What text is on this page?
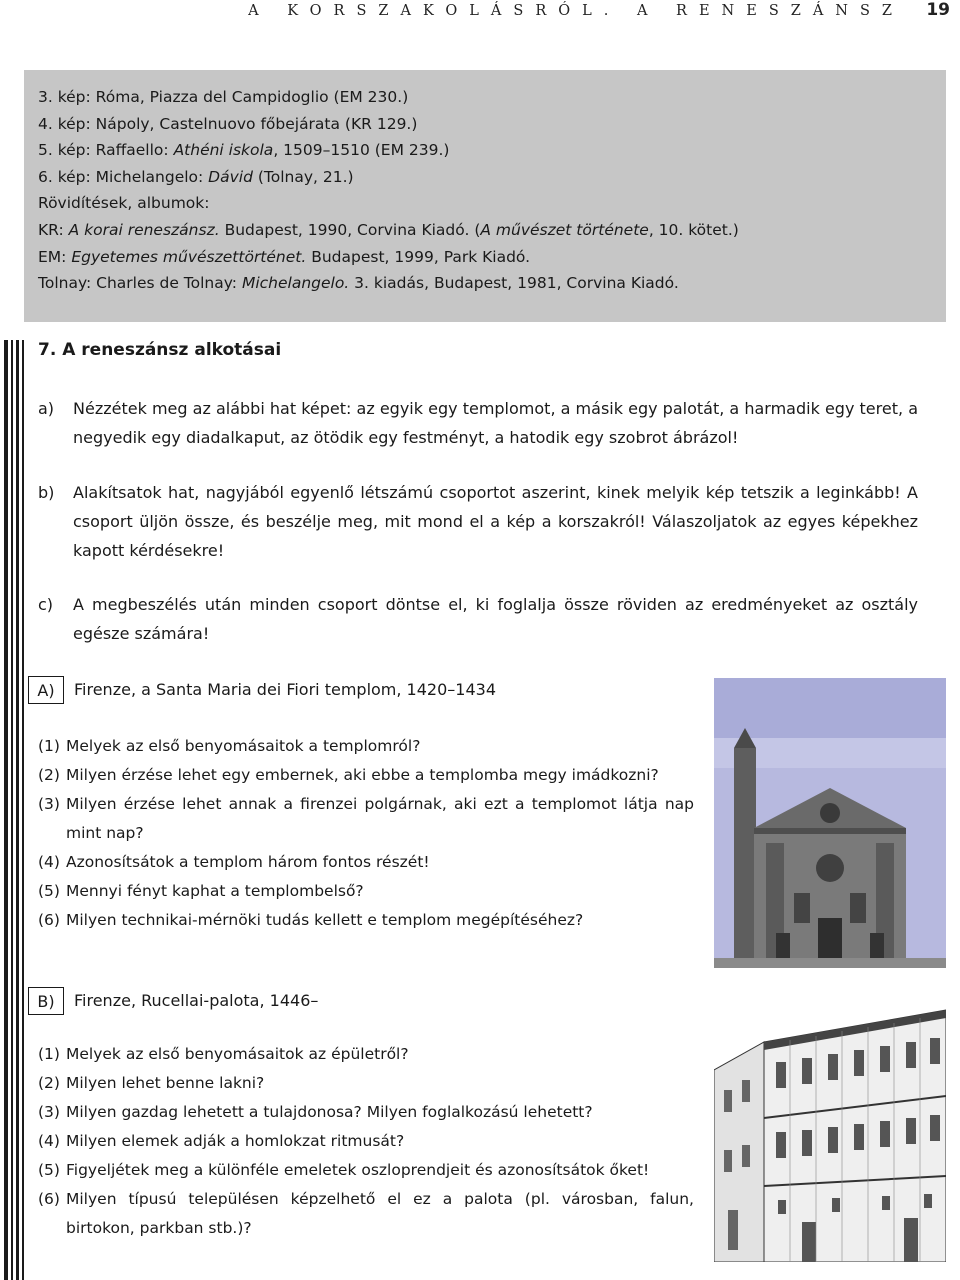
A KORSZAKOLÁSRÓL. A RENESZÁNSZ 19
3. kép: Róma, Piazza del Campidoglio (EM 230.)
4. kép: Nápoly, Castelnuovo főbejárata (KR 129.)
5. kép: Raffaello: Athéni iskola, 1509–1510 (EM 239.)
6. kép: Michelangelo: Dávid (Tolnay, 21.)
Rövidítések, albumok:
KR: A korai reneszánsz. Budapest, 1990, Corvina Kiadó. (A művészet története, 10. kötet.)
EM: Egyetemes művészettörténet. Budapest, 1999, Park Kiadó.
Tolnay: Charles de Tolnay: Michelangelo. 3. kiadás, Budapest, 1981, Corvina Kiadó.
7. A reneszánsz alkotásai
a) Nézzétek meg az alábbi hat képet: az egyik egy templomot, a másik egy palotát, a harmadik egy teret, a negyedik egy diadalkaput, az ötödik egy festményt, a hatodik egy szobrot ábrázol!
b) Alakítsatok hat, nagyjából egyenlő létszámú csoportot aszerint, kinek melyik kép tetszik a leginkább! A csoport üljön össze, és beszélje meg, mit mond el a kép a korszakról! Válaszoljatok az egyes képekhez kapott kérdésekre!
c) A megbeszélés után minden csoport döntse el, ki foglalja össze röviden az eredményeket az osztály egésze számára!
A)	Firenze, a Santa Maria dei Fiori templom, 1420–1434
(1) Melyek az első benyomásaitok a templomról?
(2) Milyen érzése lehet egy embernek, aki ebbe a templomba megy imádkozni?
(3) Milyen érzése lehet annak a firenzei polgárnak, aki ezt a templomot látja nap mint nap?
(4) Azonosítsátok a templom három fontos részét!
(5) Mennyi fényt kaphat a templombelső?
(6) Milyen technikai-mérnöki tudás kellett e templom megépítéséhez?
B)	Firenze, Rucellai-palota, 1446–
(1) Melyek az első benyomásaitok az épületről?
(2) Milyen lehet benne lakni?
(3) Milyen gazdag lehetett a tulajdonosa? Milyen foglalkozású lehetett?
(4) Milyen elemek adják a homlokzat ritmusát?
(5) Figyeljétek meg a különféle emeletek oszloprendjeit és azonosítsátok őket!
(6) Milyen típusú településen képzelhető el ez a palota (pl. városban, falun, birtokon, parkban stb.)?
